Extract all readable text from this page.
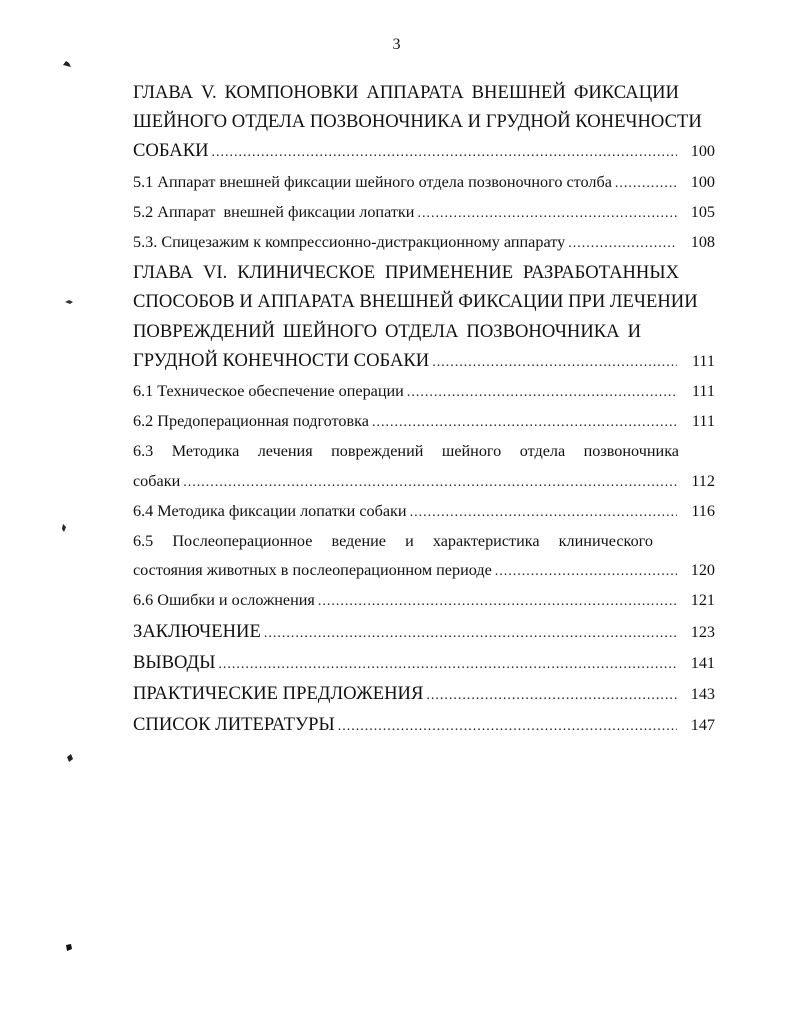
3
ГЛАВА V. КОМПОНОВКИ АППАРАТА ВНЕШНЕЙ ФИКСАЦИИ
ШЕЙНОГО ОТДЕЛА ПОЗВОНОЧНИКА И ГРУДНОЙ КОНЕЧНОСТИ
СОБАКИ .....	100
5.1 Аппарат внешней фиксации шейного отдела позвоночного столба .....	100
5.2 Аппарат  внешней фиксации лопатки .....	105
5.3. Спицезажим к компрессионно-дистракционному аппарату .....	108
ГЛАВА VI. КЛИНИЧЕСКОЕ ПРИМЕНЕНИЕ РАЗРАБОТАННЫХ
СПОСОБОВ И АППАРАТА ВНЕШНЕЙ ФИКСАЦИИ ПРИ ЛЕЧЕНИИ
ПОВРЕЖДЕНИЙ ШЕЙНОГО ОТДЕЛА ПОЗВОНОЧНИКА И
ГРУДНОЙ КОНЕЧНОСТИ СОБАКИ .....	111
6.1 Техническое обеспечение операции .....	111
6.2 Предоперационная подготовка .....	111
6.3 Методика лечения повреждений шейного отдела позвоночника
собаки .....	112
6.4 Методика фиксации лопатки собаки .....	116
6.5 Послеоперационное ведение и характеристика клинического
состояния животных в послеоперационном периоде .....	120
6.6 Ошибки и осложнения .....	121
ЗАКЛЮЧЕНИЕ .....	123
ВЫВОДЫ .....	141
ПРАКТИЧЕСКИЕ ПРЕДЛОЖЕНИЯ .....	143
СПИСОК ЛИТЕРАТУРЫ .....	147
